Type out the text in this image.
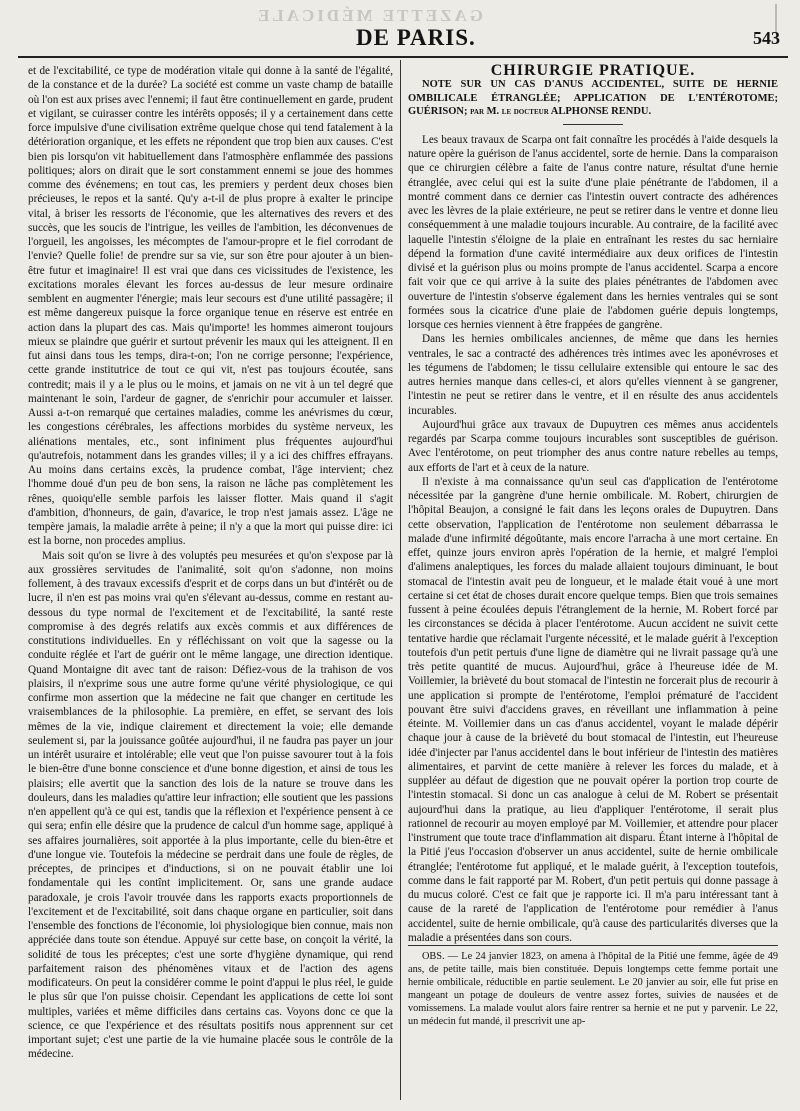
GAZETTE MÉDICALE
DE PARIS.	543

et de l'excitabilité, ce type de modération vitale qui donne à la santé de l'égalité, de la constance et de la durée? La société est comme un vaste champ de bataille où l'on est aux prises avec l'ennemi; il faut être continuellement en garde, prudent et vigilant, se cuirasser contre les intérêts opposés; il y a certainement dans cette force impulsive d'une civilisation extrême quelque chose qui tend fatalement à la détérioration organique, et les effets ne répondent que trop bien aux causes. C'est bien pis lorsqu'on vit habituellement dans l'atmosphère enflammée des passions politiques; alors on dirait que le sort constamment ennemi se joue des hommes comme des événemens; en tout cas, les premiers y perdent deux choses bien précieuses, le repos et la santé. Qu'y a-t-il de plus propre à exalter le principe vital, à briser les ressorts de l'économie, que les alternatives des revers et des succès, que les soucis de l'intrigue, les veilles de l'ambition, les déconvenues de l'orgueil, les angoisses, les mécomptes de l'amour-propre et le fiel corrodant de l'envie? Quelle folie! de prendre sur sa vie, sur son être pour ajouter à un bien-être futur et imaginaire! Il est vrai que dans ces vicissitudes de l'existence, les excitations morales élevant les forces au-dessus de leur mesure ordinaire semblent en augmenter l'énergie; mais leur secours est d'une utilité passagère; il est même dangereux puisque la force organique tenue en réserve est entrée en action dans la plupart des cas. Mais qu'importe! les hommes aimeront toujours mieux se plaindre que guérir et surtout prévenir les maux qui les atteignent. Il en fut ainsi dans tous les temps, dira-t-on; l'on ne corrige personne; l'expérience, cette grande institutrice de tout ce qui vit, n'est pas toujours écoutée, sans contredit; mais il y a le plus ou le moins, et jamais on ne vit à un tel degré que maintenant le soin, l'ardeur de gagner, de s'enrichir pour accumuler et laisser. Aussi a-t-on remarqué que certaines maladies, comme les anévrismes du cœur, les congestions cérébrales, les affections morbides du système nerveux, les aliénations mentales, etc., sont infiniment plus fréquentes aujourd'hui qu'autrefois, notamment dans les grandes villes; il y a ici des chiffres effrayans. Au moins dans certains excès, la prudence combat, l'âge intervient; chez l'homme doué d'un peu de bon sens, la raison ne lâche pas complètement les rênes, quoiqu'elle semble parfois les laisser flotter. Mais quand il s'agit d'ambition, d'honneurs, de gain, d'avarice, le trop n'est jamais assez. L'âge ne tempère jamais, la maladie arrête à peine; il n'y a que la mort qui puisse dire: ici est la borne, non procedes amplius.

Mais soit qu'on se livre à des voluptés peu mesurées et qu'on s'expose par là aux grossières servitudes de l'animalité, soit qu'on s'adonne, non moins follement, à des travaux excessifs d'esprit et de corps dans un but d'intérêt ou de lucre, il n'en est pas moins vrai qu'en s'élevant au-dessus, comme en restant au-dessous du type normal de l'excitement et de l'excitabilité, la santé reste compromise à des degrés relatifs aux excès commis et aux différences de constitutions individuelles. En y réfléchissant on voit que la sagesse ou la conduite réglée et l'art de guérir ont le même langage, une direction identique. Quand Montaigne dit avec tant de raison: Défiez-vous de la trahison de vos plaisirs, il n'exprime sous une autre forme qu'une vérité physiologique, ce qui confirme mon assertion que la médecine ne fait que changer en certitude les vraisemblances de la philosophie. La première, en effet, se servant des lois mêmes de la vie, indique clairement et directement la voie; elle demande seulement si, par la jouissance goûtée aujourd'hui, il ne faudra pas payer un jour un intérêt usuraire et intolérable; elle veut que l'on puisse savourer tout à la fois le bien-être d'une bonne conscience et d'une bonne digestion, et ainsi de tous les plaisirs; elle avertit que la sanction des lois de la nature se trouve dans les douleurs, dans les maladies qu'attire leur infraction; elle soutient que les passions n'en appellent qu'à ce qui est, tandis que la réflexion et l'expérience pensent à ce qui sera; enfin elle désire que la prudence de calcul d'un homme sage, appliqué à ses affaires journalières, soit apportée à la plus importante, celle du bien-être et d'une longue vie. Toutefois la médecine se perdrait dans une foule de règles, de préceptes, de principes et d'inductions, si on ne pouvait établir une loi fondamentale qui les contînt implicitement. Or, sans une grande audace paradoxale, je crois l'avoir trouvée dans les rapports exacts proportionnels de l'excitement et de l'excitabilité, soit dans chaque organe en particulier, soit dans l'ensemble des fonctions de l'économie, loi physiologique bien connue, mais non appréciée dans toute son étendue. Appuyé sur cette base, on conçoit la vérité, la solidité de tous les préceptes; c'est une sorte d'hygiène dynamique, qui rend parfaitement raison des phénomènes vitaux et de l'action des agens modificateurs. On peut la considérer comme le point d'appui le plus réel, le guide le plus sûr que l'on puisse choisir. Cependant les applications de cette loi sont multiples, variées et même difficiles dans certains cas. Voyons donc ce que la science, ce que l'expérience et des résultats positifs nous apprennent sur cet important sujet; c'est une partie de la vie humaine placée sous le contrôle de la médecine.

CHIRURGIE PRATIQUE.

NOTE SUR UN CAS D'ANUS ACCIDENTEL, SUITE DE HERNIE OMBILICALE ÉTRANGLÉE; APPLICATION DE L'ENTÉROTOME; GUÉRISON; par M. le docteur ALPHONSE RENDU.

Les beaux travaux de Scarpa ont fait connaître les procédés à l'aide desquels la nature opère la guérison de l'anus accidentel, sorte de hernie. Dans la comparaison que ce chirurgien célèbre a faite de l'anus contre nature, résultat d'une hernie étranglée, avec celui qui est la suite d'une plaie pénétrante de l'abdomen, il a montré comment dans ce dernier cas l'intestin ouvert contracte des adhérences avec les lèvres de la plaie extérieure, ne peut se retirer dans le ventre et donne lieu conséquemment à une maladie toujours incurable. Au contraire, de la facilité avec laquelle l'intestin s'éloigne de la plaie en entraînant les restes du sac herniaire dépend la formation d'une cavité intermédiaire aux deux orifices de l'intestin divisé et la guérison plus ou moins prompte de l'anus accidentel. Scarpa a encore fait voir que ce qui arrive à la suite des plaies pénétrantes de l'abdomen avec ouverture de l'intestin s'observe également dans les hernies ventrales qui se sont formées sous la cicatrice d'une plaie de l'abdomen guérie depuis longtemps, lorsque ces hernies viennent à être frappées de gangrène.

Dans les hernies ombilicales anciennes, de même que dans les hernies ventrales, le sac a contracté des adhérences très intimes avec les aponévroses et les tégumens de l'abdomen; le tissu cellulaire extensible qui entoure le sac des autres hernies manque dans celles-ci, et alors qu'elles viennent à se gangrener, l'intestin ne peut se retirer dans le ventre, et il en résulte des anus accidentels incurables.

Aujourd'hui grâce aux travaux de Dupuytren ces mêmes anus accidentels regardés par Scarpa comme toujours incurables sont susceptibles de guérison. Avec l'entérotome, on peut triompher des anus contre nature rebelles au temps, aux efforts de l'art et à ceux de la nature.

Il n'existe à ma connaissance qu'un seul cas d'application de l'entérotome nécessitée par la gangrène d'une hernie ombilicale. M. Robert, chirurgien de l'hôpital Beaujon, a consigné le fait dans les leçons orales de Dupuytren. Dans cette observation, l'application de l'entérotome non seulement débarrassa le malade d'une infirmité dégoûtante, mais encore l'arracha à une mort certaine. En effet, quinze jours environ après l'opération de la hernie, et malgré l'emploi d'alimens analeptiques, les forces du malade allaient toujours diminuant, le bout stomacal de l'intestin avait peu de longueur, et le malade était voué à une mort certaine si cet état de choses durait encore quelque temps. Bien que trois semaines fussent à peine écoulées depuis l'étranglement de la hernie, M. Robert forcé par les circonstances se décida à placer l'entérotome. Aucun accident ne suivit cette tentative hardie que réclamait l'urgente nécessité, et le malade guérit à l'exception toutefois d'un petit pertuis d'une ligne de diamètre qui ne livrait passage qu'à une très petite quantité de mucus. Aujourd'hui, grâce à l'heureuse idée de M. Voillemier, la brièveté du bout stomacal de l'intestin ne forcerait plus de recourir à une application si prompte de l'entérotome, l'emploi prématuré de l'accident pouvant être suivi d'accidens graves, en réveillant une inflammation à peine éteinte. M. Voillemier dans un cas d'anus accidentel, voyant le malade dépérir chaque jour à cause de la brièveté du bout stomacal de l'intestin, eut l'heureuse idée d'injecter par l'anus accidentel dans le bout inférieur de l'intestin des matières alimentaires, et parvint de cette manière à relever les forces du malade, et à suppléer au défaut de digestion que ne pouvait opérer la portion trop courte de l'intestin stomacal. Si donc un cas analogue à celui de M. Robert se présentait aujourd'hui dans la pratique, au lieu d'appliquer l'entérotome, il serait plus rationnel de recourir au moyen employé par M. Voillemier, et attendre pour placer l'instrument que toute trace d'inflammation ait disparu. Étant interne à l'hôpital de la Pitié j'eus l'occasion d'observer un anus accidentel, suite de hernie ombilicale étranglée; l'entérotome fut appliqué, et le malade guérit, à l'exception toutefois, comme dans le fait rapporté par M. Robert, d'un petit pertuis qui donne passage à du mucus coloré. C'est ce fait que je rapporte ici. Il m'a paru intéressant tant à cause de la rareté de l'application de l'entérotome pour remédier à l'anus accidentel, suite de hernie ombilicale, qu'à cause des particularités diverses que la maladie a présentées dans son cours.

OBS. — Le 24 janvier 1823, on amena à l'hôpital de la Pitié une femme, âgée de 49 ans, de petite taille, mais bien constituée. Depuis longtemps cette femme portait une hernie ombilicale, réductible en partie seulement. Le 20 janvier au soir, elle fut prise en mangeant un potage de douleurs de ventre assez fortes, suivies de nausées et de vomissemens. La malade voulut alors faire rentrer sa hernie et ne put y parvenir. Le 22, un médecin fut mandé, il prescrivit une ap-
